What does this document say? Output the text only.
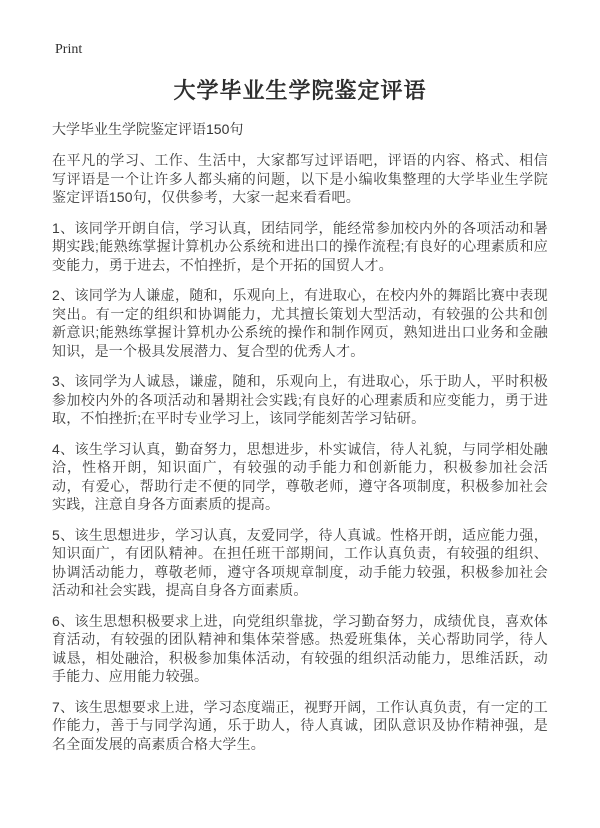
Print
大学毕业生学院鉴定评语
大学毕业生学院鉴定评语150句

在平凡的学习、工作、生活中，大家都写过评语吧，评语的内容、格式、相信写评语是一个让许多人都头痛的问题，以下是小编收集整理的大学毕业生学院鉴定评语150句，仅供参考，大家一起来看看吧。

1、该同学开朗自信，学习认真，团结同学，能经常参加校内外的各项活动和暑期实践;能熟练掌握计算机办公系统和进出口的操作流程;有良好的心理素质和应变能力，勇于进去，不怕挫折，是个开拓的国贸人才。

2、该同学为人谦虚，随和，乐观向上，有进取心，在校内外的舞蹈比赛中表现突出。有一定的组织和协调能力，尤其擅长策划大型活动，有较强的公共和创新意识;能熟练掌握计算机办公系统的操作和制作网页，熟知进出口业务和金融知识，是一个极具发展潜力、复合型的优秀人才。

3、该同学为人诚恳，谦虚，随和，乐观向上，有进取心，乐于助人，平时积极参加校内外的各项活动和暑期社会实践;有良好的心理素质和应变能力，勇于进取，不怕挫折;在平时专业学习上，该同学能刻苦学习钻研。

4、该生学习认真，勤奋努力，思想进步，朴实诚信，待人礼貌，与同学相处融洽，性格开朗，知识面广，有较强的动手能力和创新能力，积极参加社会活动，有爱心，帮助行走不便的同学，尊敬老师，遵守各项制度，积极参加社会实践，注意自身各方面素质的提高。

5、该生思想进步，学习认真，友爱同学，待人真诚。性格开朗，适应能力强，知识面广，有团队精神。在担任班干部期间，工作认真负责，有较强的组织、协调活动能力，尊敬老师，遵守各项规章制度，动手能力较强，积极参加社会活动和社会实践，提高自身各方面素质。

6、该生思想积极要求上进，向党组织靠拢，学习勤奋努力，成绩优良，喜欢体育活动，有较强的团队精神和集体荣誉感。热爱班集体，关心帮助同学，待人诚恳，相处融洽，积极参加集体活动，有较强的组织活动能力，思维活跃，动手能力、应用能力较强。

7、该生思想要求上进，学习态度端正，视野开阔，工作认真负责，有一定的工作能力，善于与同学沟通，乐于助人，待人真诚，团队意识及协作精神强，是名全面发展的高素质合格大学生。
